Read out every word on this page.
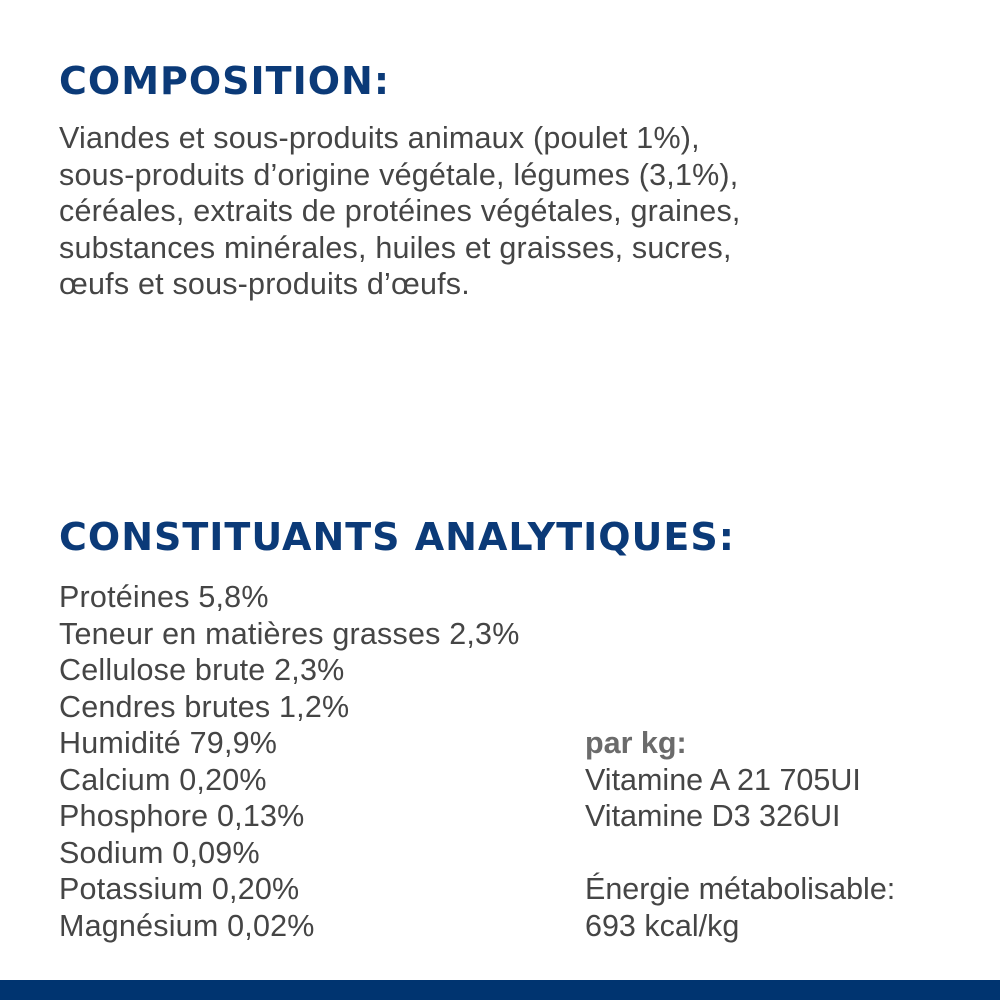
COMPOSITION:
Viandes et sous-produits animaux (poulet 1%),
sous-produits d’origine végétale, légumes (3,1%),
céréales, extraits de protéines végétales, graines,
substances minérales, huiles et graisses, sucres,
œufs et sous-produits d’œufs.
CONSTITUANTS ANALYTIQUES:
Protéines 5,8%
Teneur en matières grasses 2,3%
Cellulose brute 2,3%
Cendres brutes 1,2%
Humidité 79,9%
Calcium 0,20%
Phosphore 0,13%
Sodium 0,09%
Potassium 0,20%
Magnésium 0,02%
par kg:
Vitamine A 21 705UI
Vitamine D3 326UI
Énergie métabolisable:
693 kcal/kg
